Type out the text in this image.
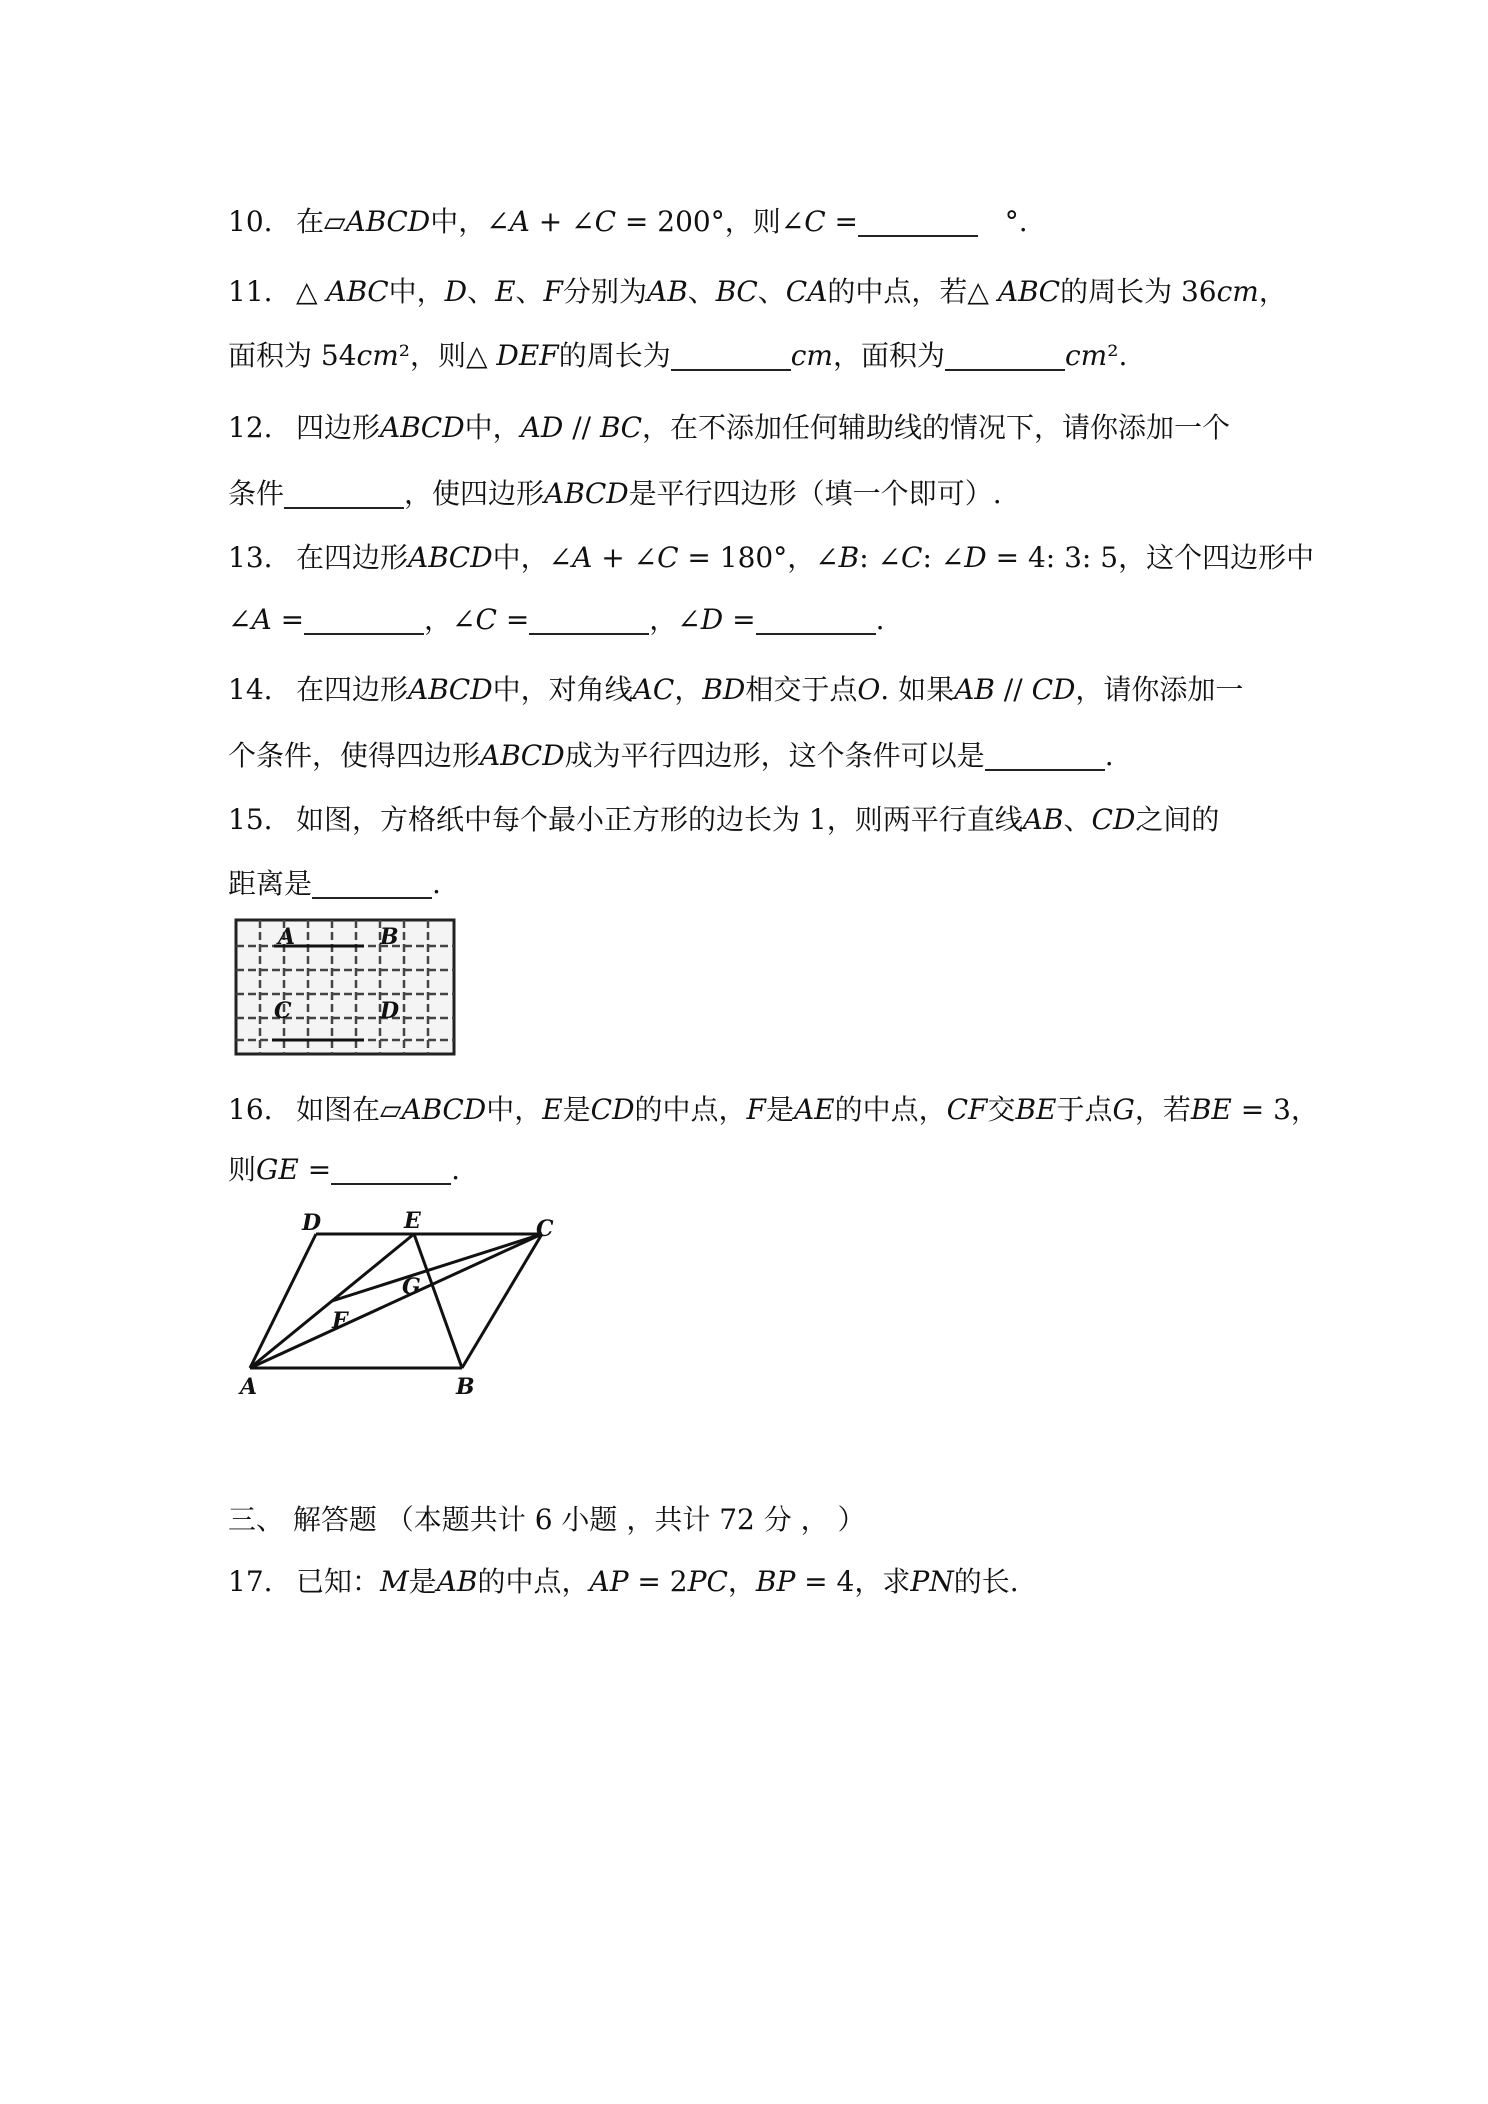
10. 在▱𝐴𝐵𝐶𝐷中，∠𝐴 + ∠𝐶 = 200°，则∠𝐶 =	°.
11. △ 𝐴𝐵𝐶中，𝐷、𝐸、𝐹分别为𝐴𝐵、𝐵𝐶、𝐶𝐴的中点，若△ 𝐴𝐵𝐶的周长为 36𝑐𝑚，
面积为 54𝑐𝑚²，则△ 𝐷𝐸𝐹的周长为	𝑐𝑚，面积为	𝑐𝑚².
12. 四边形𝐴𝐵𝐶𝐷中，𝐴𝐷 // 𝐵𝐶，在不添加任何辅助线的情况下，请你添加一个
条件	，使四边形𝐴𝐵𝐶𝐷是平行四边形（填一个即可）.
13. 在四边形𝐴𝐵𝐶𝐷中，∠𝐴 + ∠𝐶 = 180°，∠𝐵: ∠𝐶: ∠𝐷 = 4: 3: 5，这个四边形中
∠𝐴 =	，∠𝐶 =	，∠𝐷 =	.
14. 在四边形𝐴𝐵𝐶𝐷中，对角线𝐴𝐶，𝐵𝐷相交于点𝑂. 如果𝐴𝐵 // 𝐶𝐷，请你添加一
个条件，使得四边形𝐴𝐵𝐶𝐷成为平行四边形，这个条件可以是	.
15. 如图，方格纸中每个最小正方形的边长为 1，则两平行直线𝐴𝐵、𝐶𝐷之间的
距离是	.
A	B
C	D
16. 如图在▱𝐴𝐵𝐶𝐷中，𝐸是𝐶𝐷的中点，𝐹是𝐴𝐸的中点，𝐶𝐹交𝐵𝐸于点𝐺，若𝐵𝐸 = 3，
则𝐺𝐸 =	.
D	E	C
F
G
A	B
三、 解答题 （本题共计 6 小题 ，共计 72 分 ， ）
17. 已知：𝑀是𝐴𝐵的中点，𝐴𝑃 = 2𝑃𝐶，𝐵𝑃 = 4，求𝑃𝑁的长.
